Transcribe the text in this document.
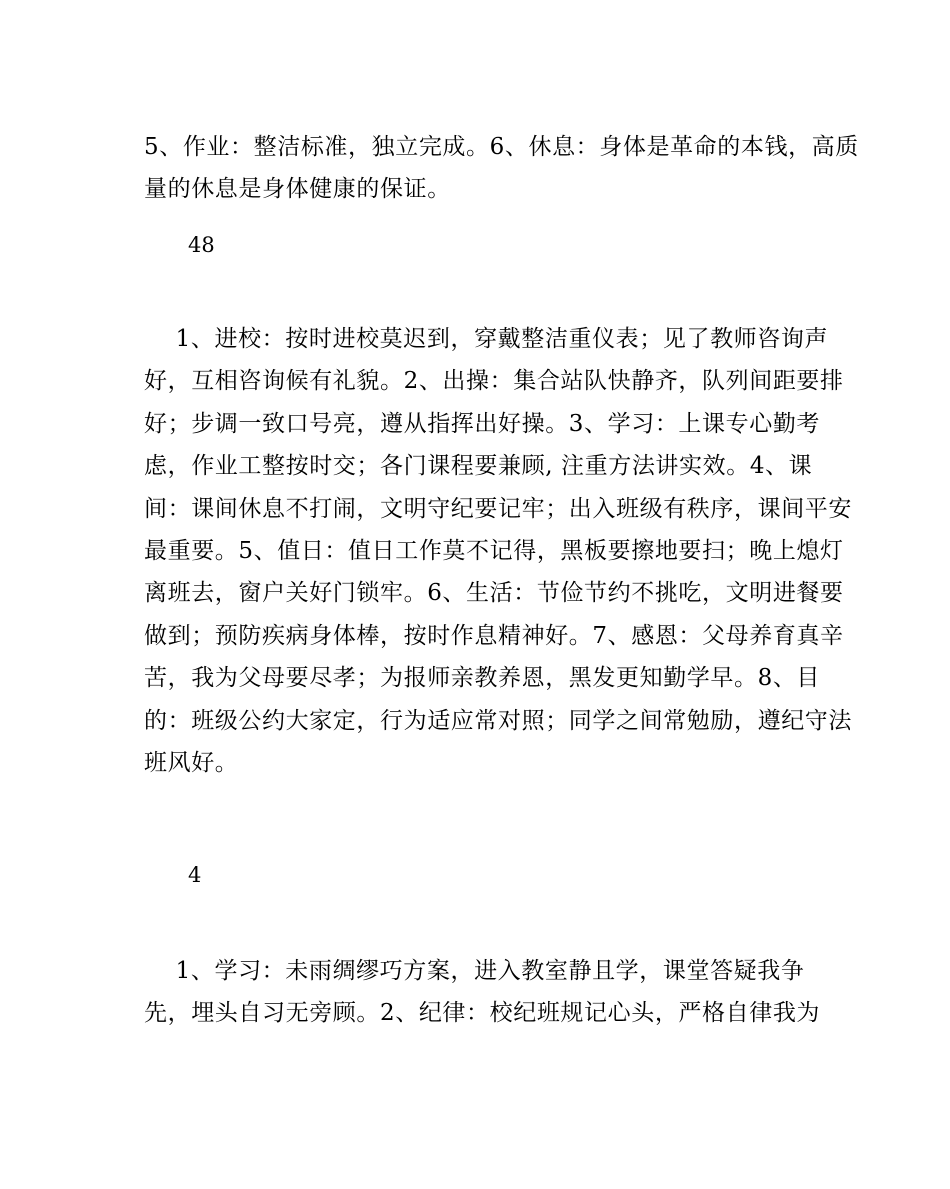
5、作业：整洁标准，独立完成。6、休息：身体是革命的本钱，高质
量的休息是身体健康的保证。

48

1、进校：按时进校莫迟到，穿戴整洁重仪表；见了教师咨询声
好，互相咨询候有礼貌。2、出操：集合站队快静齐，队列间距要排
好；步调一致口号亮，遵从指挥出好操。3、学习：上课专心勤考
虑，作业工整按时交；各门课程要兼顾, 注重方法讲实效。4、课
间：课间休息不打闹，文明守纪要记牢；出入班级有秩序，课间平安
最重要。5、值日：值日工作莫不记得，黑板要擦地要扫；晚上熄灯
离班去，窗户关好门锁牢。6、生活：节俭节约不挑吃，文明进餐要
做到；预防疾病身体棒，按时作息精神好。7、感恩：父母养育真辛
苦，我为父母要尽孝；为报师亲教养恩，黑发更知勤学早。8、目
的：班级公约大家定，行为适应常对照；同学之间常勉励，遵纪守法
班风好。

4

1、学习：未雨绸缪巧方案，进入教室静且学，课堂答疑我争
先，埋头自习无旁顾。2、纪律：校纪班规记心头，严格自律我为
